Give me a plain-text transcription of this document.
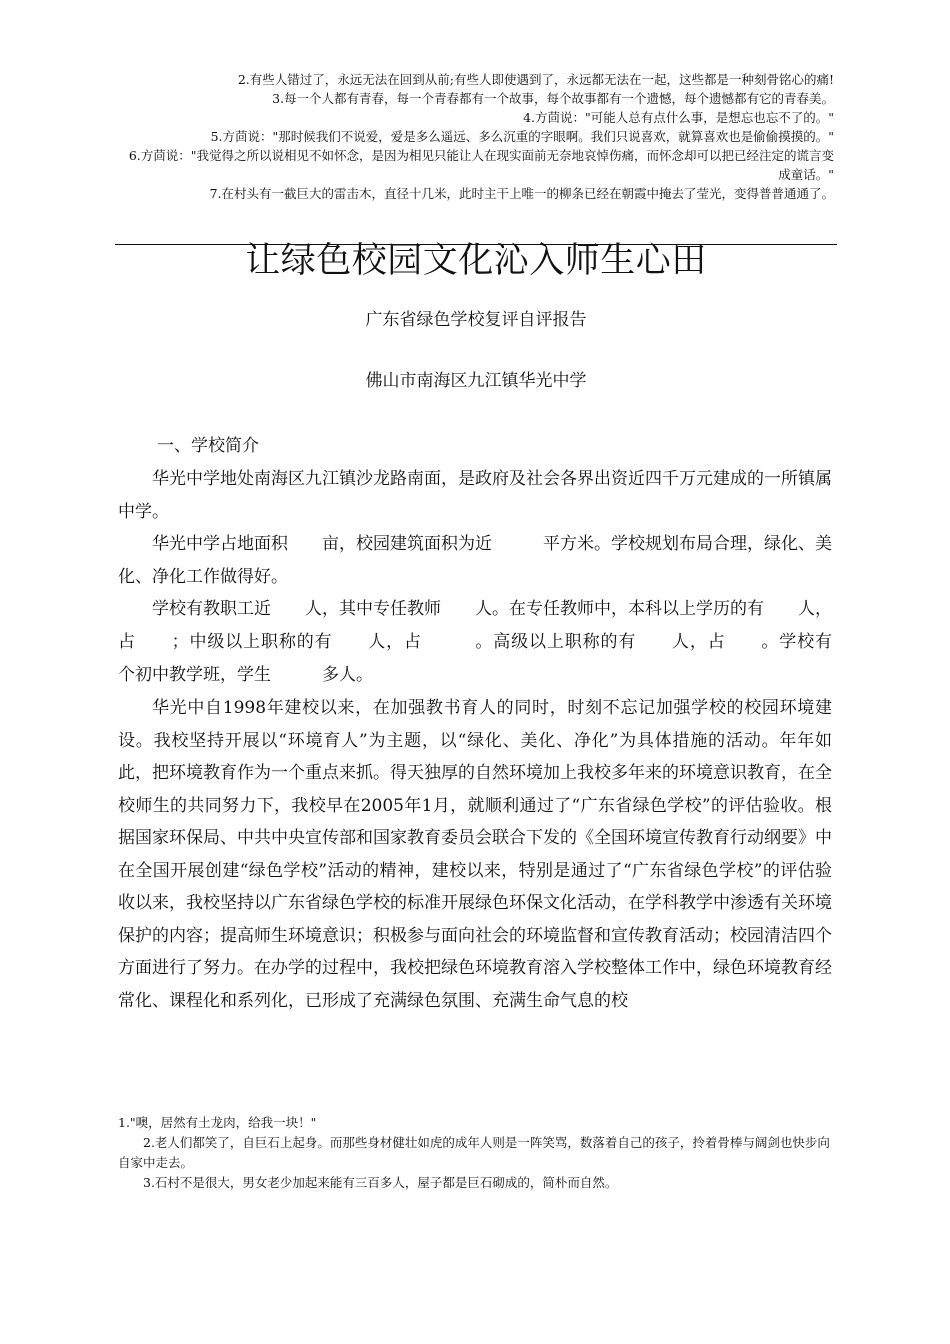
2.有些人错过了，永远无法在回到从前;有些人即使遇到了，永远都无法在一起，这些都是一种刻骨铭心的痛!

3.每一个人都有青春，每一个青春都有一个故事，每个故事都有一个遗憾，每个遗憾都有它的青春美。

4.方茴说："可能人总有点什么事，是想忘也忘不了的。"

5.方茴说："那时候我们不说爱，爱是多么遥远、多么沉重的字眼啊。我们只说喜欢，就算喜欢也是偷偷摸摸的。"

6.方茴说："我觉得之所以说相见不如怀念，是因为相见只能让人在现实面前无奈地哀悼伤痛，而怀念却可以把已经注定的谎言变成童话。"

7.在村头有一截巨大的雷击木，直径十几米，此时主干上唯一的柳条已经在朝霞中掩去了莹光，变得普普通通了。

让绿色校园文化沁入师生心田

广东省绿色学校复评自评报告

佛山市南海区九江镇华光中学

一、学校简介

华光中学地处南海区九江镇沙龙路南面，是政府及社会各界出资近四千万元建成的一所镇属中学。

华光中学占地面积　　亩，校园建筑面积为近　　　平方米。学校规划布局合理，绿化、美化、净化工作做得好。

学校有教职工近　　人，其中专任教师　　人。在专任教师中，本科以上学历的有　　人，占　　；中级以上职称的有　　人，占　　　。高级以上职称的有　　人，占　　。学校有　　个初中教学班，学生　　　多人。

华光中自1998年建校以来，在加强教书育人的同时，时刻不忘记加强学校的校园环境建设。我校坚持开展以“环境育人”为主题，以“绿化、美化、净化”为具体措施的活动。年年如此，把环境教育作为一个重点来抓。得天独厚的自然环境加上我校多年来的环境意识教育，在全校师生的共同努力下，我校早在2005年1月，就顺利通过了“广东省绿色学校”的评估验收。根据国家环保局、中共中央宣传部和国家教育委员会联合下发的《全国环境宣传教育行动纲要》中在全国开展创建“绿色学校”活动的精神，建校以来，特别是通过了“广东省绿色学校”的评估验收以来，我校坚持以广东省绿色学校的标准开展绿色环保文化活动，在学科教学中渗透有关环境保护的内容；提高师生环境意识；积极参与面向社会的环境监督和宣传教育活动；校园清洁四个方面进行了努力。在办学的过程中，我校把绿色环境教育溶入学校整体工作中，绿色环境教育经常化、课程化和系列化，已形成了充满绿色氛围、充满生命气息的校

1."噢，居然有土龙肉，给我一块！"

2.老人们都笑了，自巨石上起身。而那些身材健壮如虎的成年人则是一阵笑骂，数落着自己的孩子，拎着骨棒与阔剑也快步向自家中走去。

3.石村不是很大，男女老少加起来能有三百多人，屋子都是巨石砌成的，简朴而自然。
